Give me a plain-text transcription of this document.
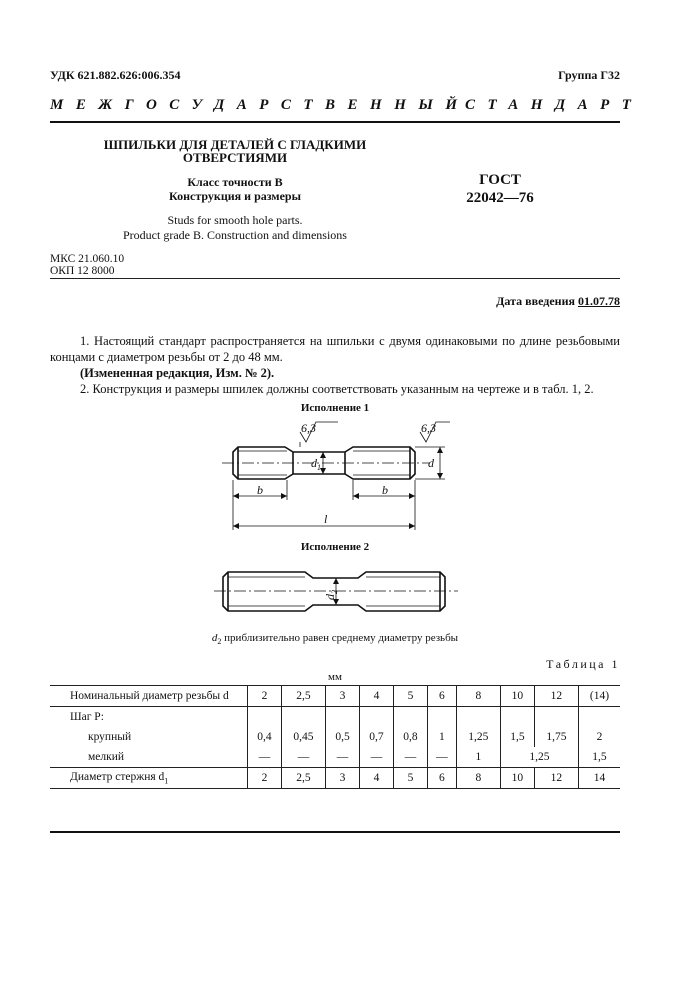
УДК 621.882.626:006.354	Группа Г32
МЕЖГОСУДАРСТВЕННЫЙ
СТАНДАРТ
ШПИЛЬКИ ДЛЯ ДЕТАЛЕЙ С ГЛАДКИМИ
ОТВЕРСТИЯМИ
Класс точности В
Конструкция и размеры
Studs for smooth hole parts.
Product grade B. Construction and dimensions
ГОСТ
22042—76
МКС 21.060.10
ОКП 12 8000
Дата введения 01.07.78

1. Настоящий стандарт распространяется на шпильки с двумя одинаковыми по длине резьбовыми концами с диаметром резьбы от 2 до 48 мм.

(Измененная редакция, Изм. № 2).

2. Конструкция и размеры шпилек должны соответствовать указанным на чертеже и в табл. 1, 2.

Исполнение 1
6,3	6,3
$d_1$	d
b	b
l
$d_2$
Исполнение 2
$d_2$ приблизительно равен среднему диаметру резьбы
Таблица 1
мм
Номинальный диаметр резьбы d	2	2,5	3	4	5	6	8	10	12	(14)
Шаг P:										
крупный	0,4	0,45	0,5	0,7	0,8	1	1,25	1,5	1,75	2
мелкий	—	—	—	—	—	—	1	1,25		1,5
Диаметр стержня $d_1$	2	2,5	3	4	5	6	8	10	12	14
